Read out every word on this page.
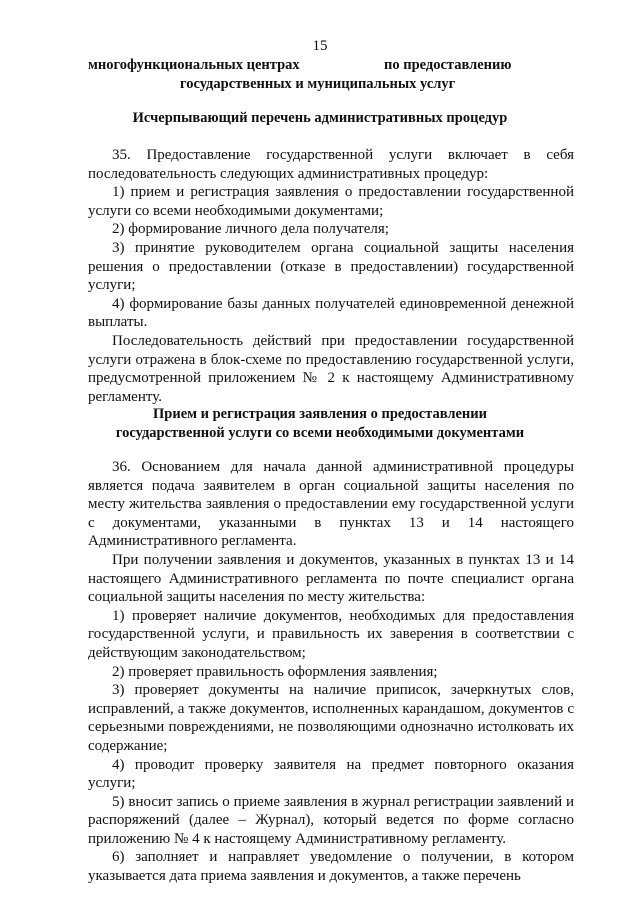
15
многофункциональных центрах	по предоставлению
государственных и муниципальных услуг
Исчерпывающий перечень административных процедур

35. Предоставление государственной услуги включает в себя последовательность следующих административных процедур:

1) прием и регистрация заявления о предоставлении государственной услуги со всеми необходимыми документами;

2) формирование личного дела получателя;

3) принятие руководителем органа социальной защиты населения решения о предоставлении (отказе в предоставлении) государственной услуги;

4) формирование базы данных получателей единовременной денежной выплаты.

Последовательность действий при предоставлении государственной услуги отражена в блок-схеме по предоставлению государственной услуги, предусмотренной приложением № 2 к настоящему Административному регламенту.

Прием и регистрация заявления о предоставлении
государственной услуги со всеми необходимыми документами

36. Основанием для начала данной административной процедуры является подача заявителем в орган социальной защиты населения по месту жительства заявления о предоставлении ему государственной услуги с документами, указанными в пунктах 13 и 14 настоящего Административного регламента.

При получении заявления и документов, указанных в пунктах 13 и 14 настоящего Административного регламента по почте специалист органа социальной защиты населения по месту жительства:

1) проверяет наличие документов, необходимых для предоставления государственной услуги, и правильность их заверения в соответствии с действующим законодательством;

2) проверяет правильность оформления заявления;

3) проверяет документы на наличие приписок, зачеркнутых слов, исправлений, а также документов, исполненных карандашом, документов с серьезными повреждениями, не позволяющими однозначно истолковать их содержание;

4) проводит проверку заявителя на предмет повторного оказания услуги;

5) вносит запись о приеме заявления в журнал регистрации заявлений и распоряжений (далее – Журнал), который ведется по форме согласно приложению № 4 к настоящему Административному регламенту.

6) заполняет и направляет уведомление о получении, в котором указывается дата приема заявления и документов, а также перечень
